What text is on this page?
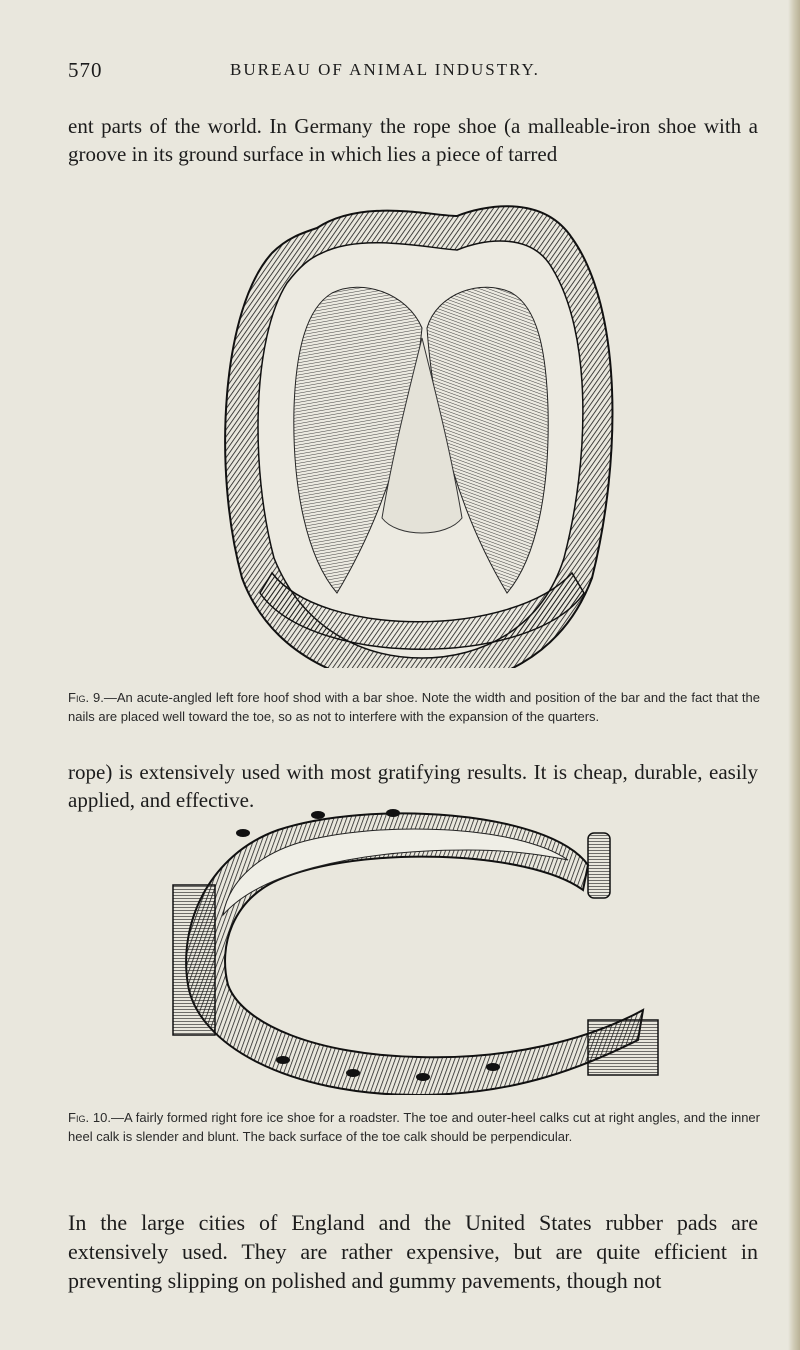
570	BUREAU OF ANIMAL INDUSTRY.

ent parts of the world. In Germany the rope shoe (a malleable-iron shoe with a groove in its ground surface in which lies a piece of tarred

Fig. 9.—An acute-angled left fore hoof shod with a bar shoe. Note the width and position of the bar and the fact that the nails are placed well toward the toe, so as not to interfere with the expansion of the quarters.

rope) is extensively used with most gratifying results. It is cheap, durable, easily applied, and effective.

Fig. 10.—A fairly formed right fore ice shoe for a roadster. The toe and outer-heel calks cut at right angles, and the inner heel calk is slender and blunt. The back surface of the toe calk should be perpendicular.

In the large cities of England and the United States rubber pads are extensively used. They are rather expensive, but are quite efficient in preventing slipping on polished and gummy pavements, though not
